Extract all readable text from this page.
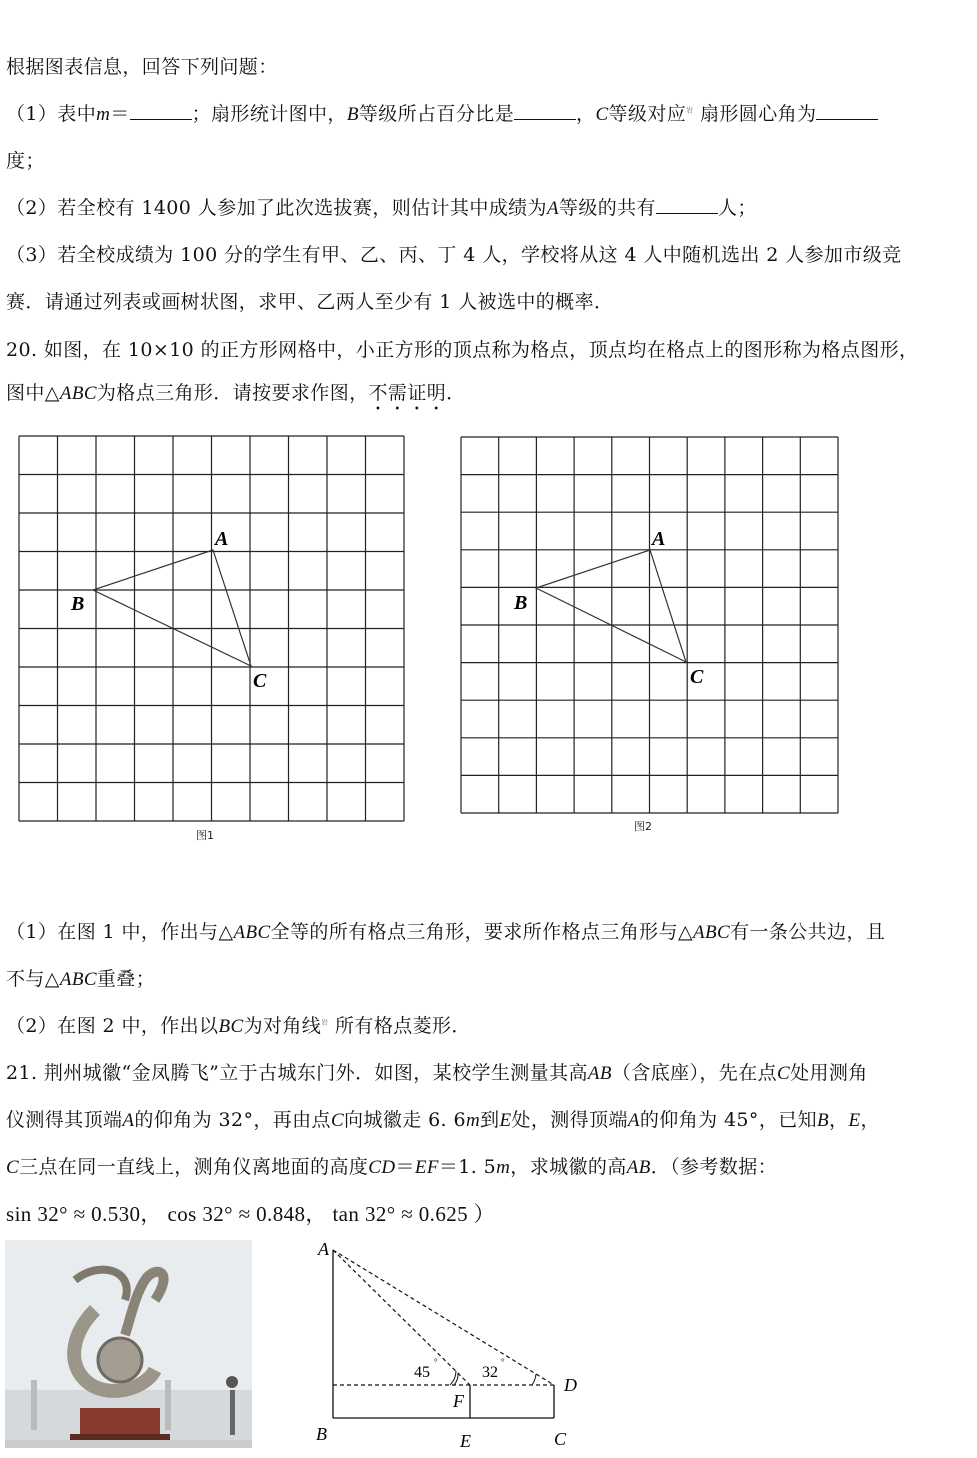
根据图表信息，回答下列问题：
（1）表中m＝	；扇形统计图中，B等级所占百分比是	，C等级对应$^岩$ 扇形圆心角为
度；
（2）若全校有 1400 人参加了此次选拔赛，则估计其中成绩为A等级的共有	人；
（3）若全校成绩为 100 分的学生有甲、乙、丙、丁 4 人，学校将从这 4 人中随机选出 2 人参加市级竞
赛．请通过列表或画树状图，求甲、乙两人至少有 1 人被选中的概率．
20. 如图，在 10×10 的正方形网格中，小正方形的顶点称为格点，顶点均在格点上的图形称为格点图形，
图中△ABC为格点三角形．请按要求作图，不需证明．
A
B
C
图1
A
B
C
图2
（1）在图 1 中，作出与△ABC全等的所有格点三角形，要求所作格点三角形与△ABC有一条公共边，且
不与△ABC重叠；
（2）在图 2 中，作出以BC为对角线$^岩$ 所有格点菱形．
21. 荆州城徽“金凤腾飞”立于古城东门外．如图，某校学生测量其高AB（含底座），先在点C处用测角
仪测得其顶端A的仰角为 32°，再由点C向城徽走 6. 6m到E处，测得顶端A的仰角为 45°，已知B，E，
C三点在同一直线上，测角仪离地面的高度CD＝EF＝1. 5m，求城徽的高AB．（参考数据：
sin 32° ≈ 0.530， cos 32° ≈ 0.848， tan 32° ≈ 0.625 ）
A
B	E	C
D
F
45
°
32
°
